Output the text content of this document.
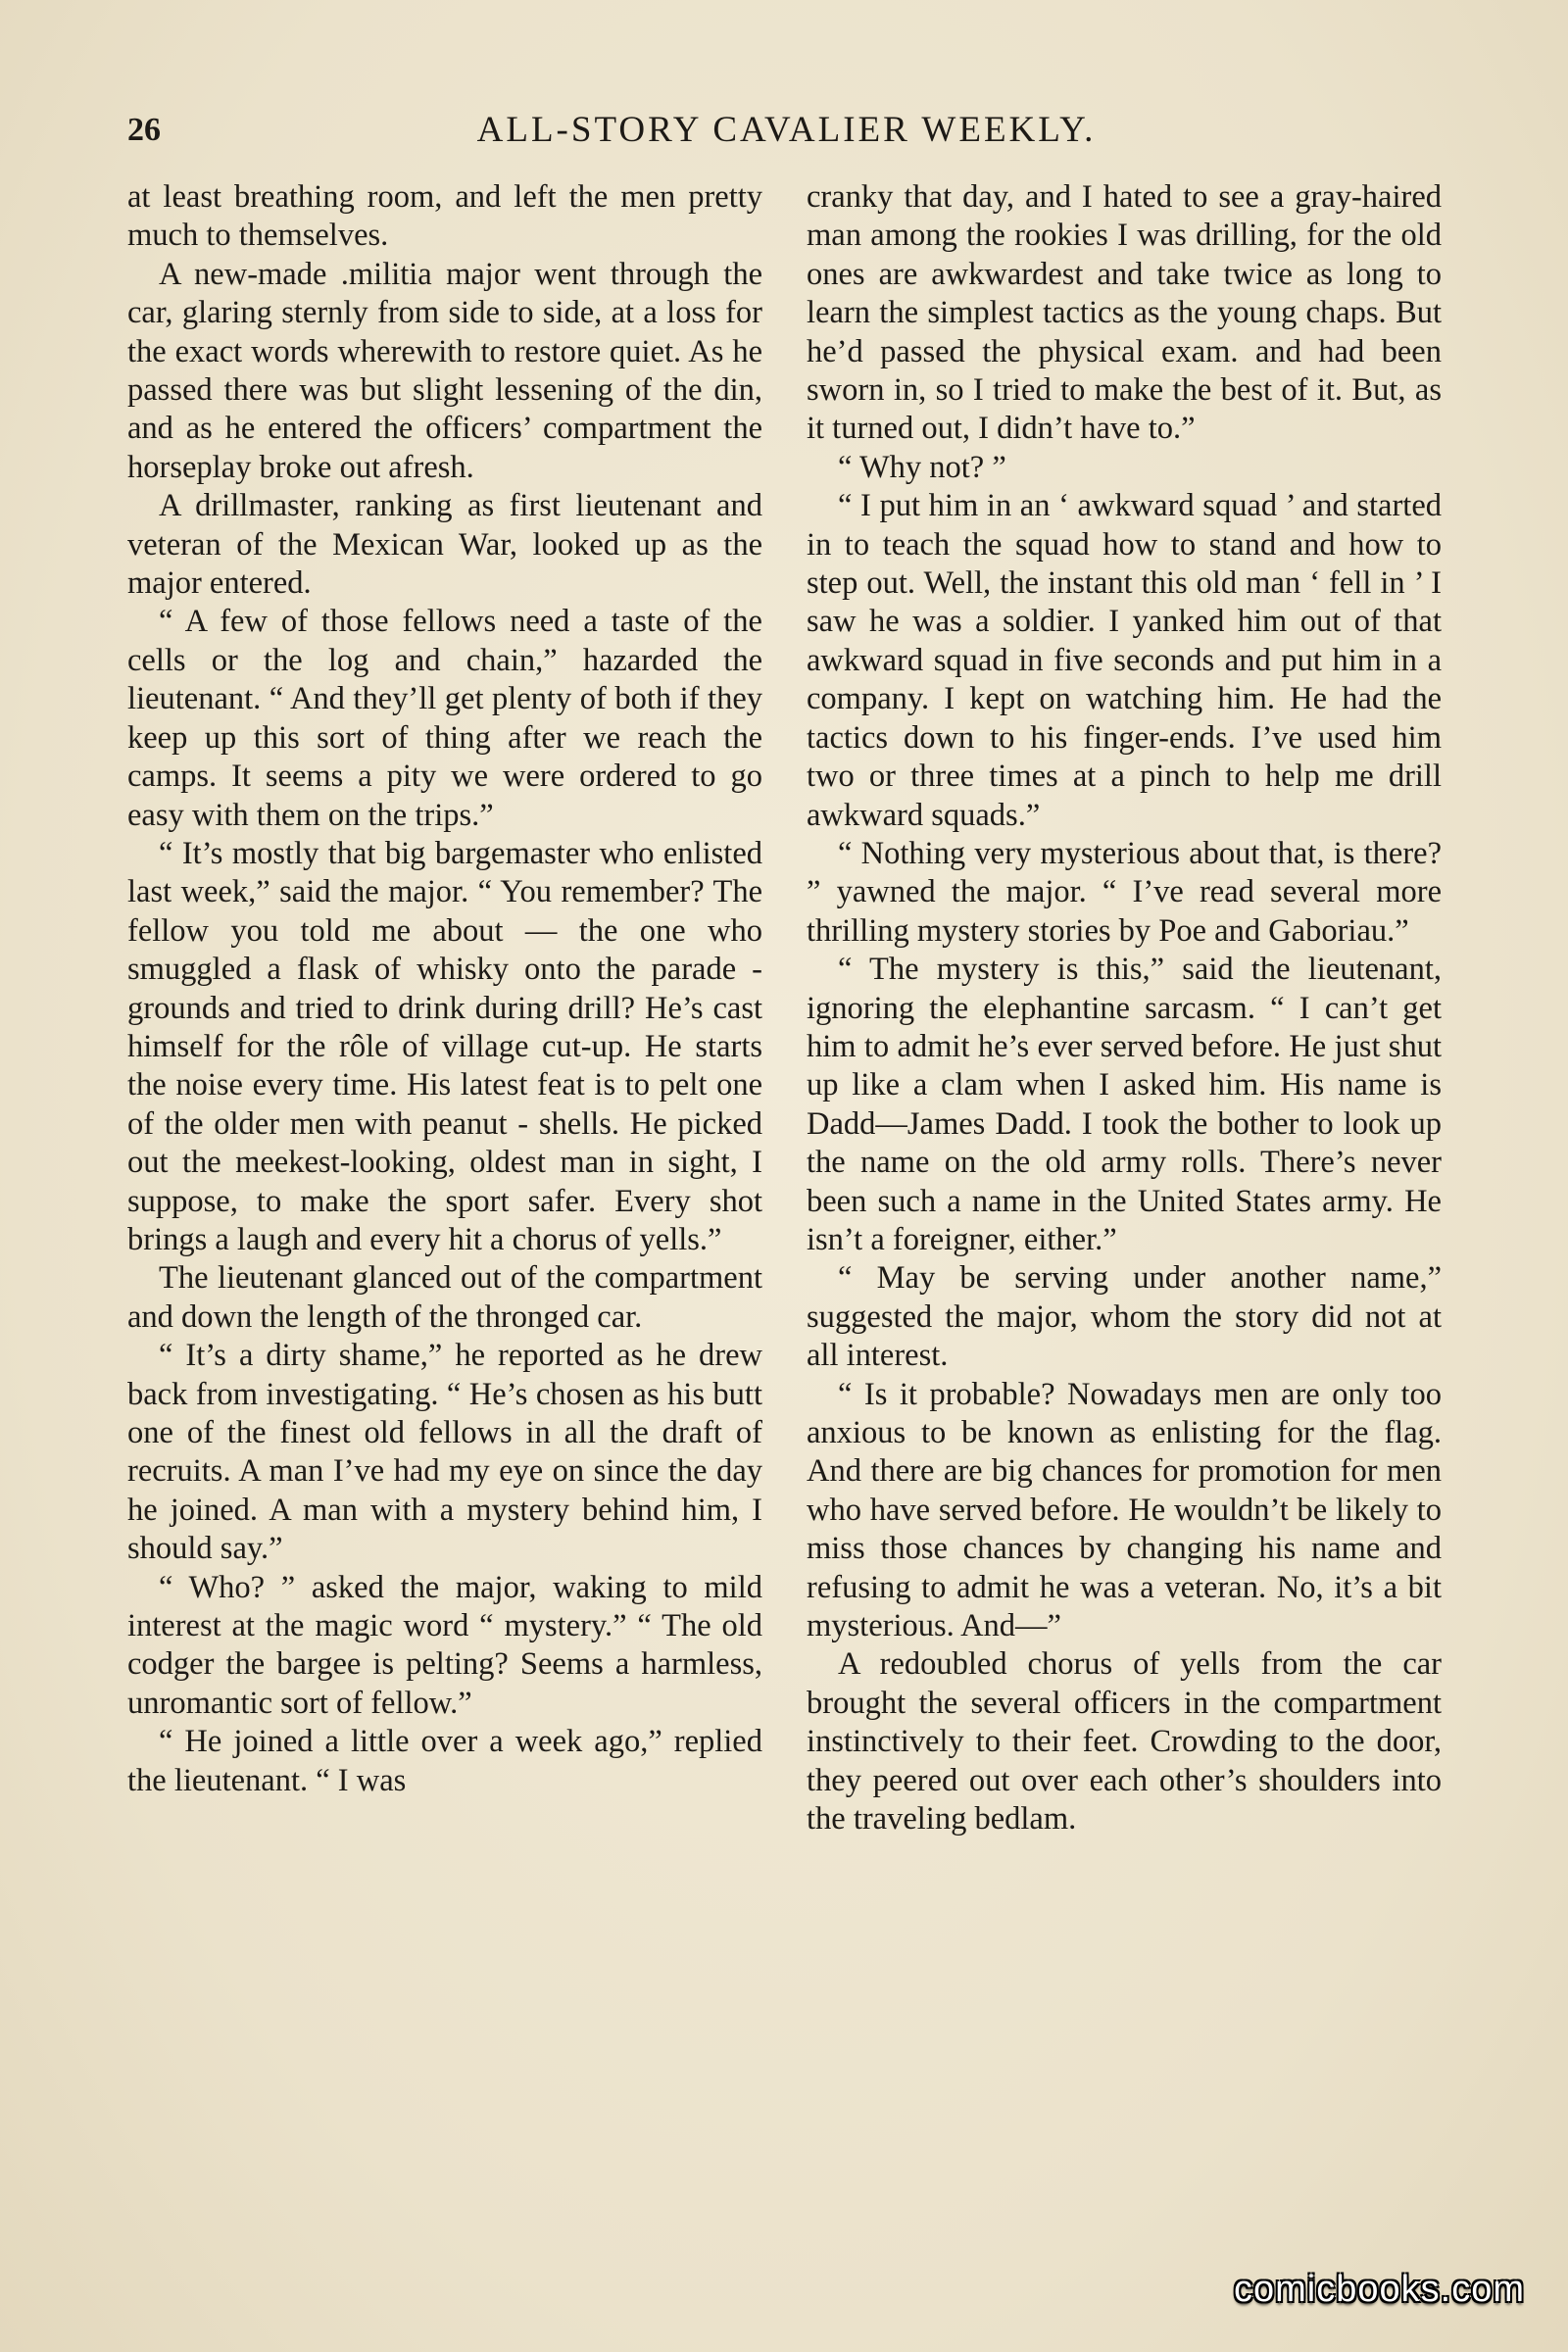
26	ALL-STORY CAVALIER WEEKLY.

at least breathing room, and left the men pretty much to themselves.

A new-made .militia major went through the car, glaring sternly from side to side, at a loss for the exact words wherewith to restore quiet. As he passed there was but slight lessening of the din, and as he entered the officers’ compartment the horseplay broke out afresh.

A drillmaster, ranking as first lieutenant and veteran of the Mexican War, looked up as the major entered.

“ A few of those fellows need a taste of the cells or the log and chain,” hazarded the lieutenant. “ And they’ll get plenty of both if they keep up this sort of thing after we reach the camps. It seems a pity we were ordered to go easy with them on the trips.”

“ It’s mostly that big bargemaster who enlisted last week,” said the major. “ You remember? The fellow you told me about — the one who smuggled a flask of whisky onto the parade - grounds and tried to drink during drill? He’s cast himself for the rôle of village cut-up. He starts the noise every time. His latest feat is to pelt one of the older men with peanut - shells. He picked out the meekest-looking, oldest man in sight, I suppose, to make the sport safer. Every shot brings a laugh and every hit a chorus of yells.”

The lieutenant glanced out of the compartment and down the length of the thronged car.

“ It’s a dirty shame,” he reported as he drew back from investigating. “ He’s chosen as his butt one of the finest old fellows in all the draft of recruits. A man I’ve had my eye on since the day he joined. A man with a mystery behind him, I should say.”

“ Who? ” asked the major, waking to mild interest at the magic word “ mystery.” “ The old codger the bargee is pelting? Seems a harmless, unromantic sort of fellow.”

“ He joined a little over a week ago,” replied the lieutenant. “ I was

cranky that day, and I hated to see a gray-haired man among the rookies I was drilling, for the old ones are awkwardest and take twice as long to learn the simplest tactics as the young chaps. But he’d passed the physical exam. and had been sworn in, so I tried to make the best of it. But, as it turned out, I didn’t have to.”

“ Why not? ”

“ I put him in an ‘ awkward squad ’ and started in to teach the squad how to stand and how to step out. Well, the instant this old man ‘ fell in ’ I saw he was a soldier. I yanked him out of that awkward squad in five seconds and put him in a company. I kept on watching him. He had the tactics down to his finger-ends. I’ve used him two or three times at a pinch to help me drill awkward squads.”

“ Nothing very mysterious about that, is there? ” yawned the major. “ I’ve read several more thrilling mystery stories by Poe and Gaboriau.”

“ The mystery is this,” said the lieutenant, ignoring the elephantine sarcasm. “ I can’t get him to admit he’s ever served before. He just shut up like a clam when I asked him. His name is Dadd—James Dadd. I took the bother to look up the name on the old army rolls. There’s never been such a name in the United States army. He isn’t a foreigner, either.”

“ May be serving under another name,” suggested the major, whom the story did not at all interest.

“ Is it probable? Nowadays men are only too anxious to be known as enlisting for the flag. And there are big chances for promotion for men who have served before. He wouldn’t be likely to miss those chances by changing his name and refusing to admit he was a veteran. No, it’s a bit mysterious. And—”

A redoubled chorus of yells from the car brought the several officers in the compartment instinctively to their feet. Crowding to the door, they peered out over each other’s shoulders into the traveling bedlam.

comicbooks.com
